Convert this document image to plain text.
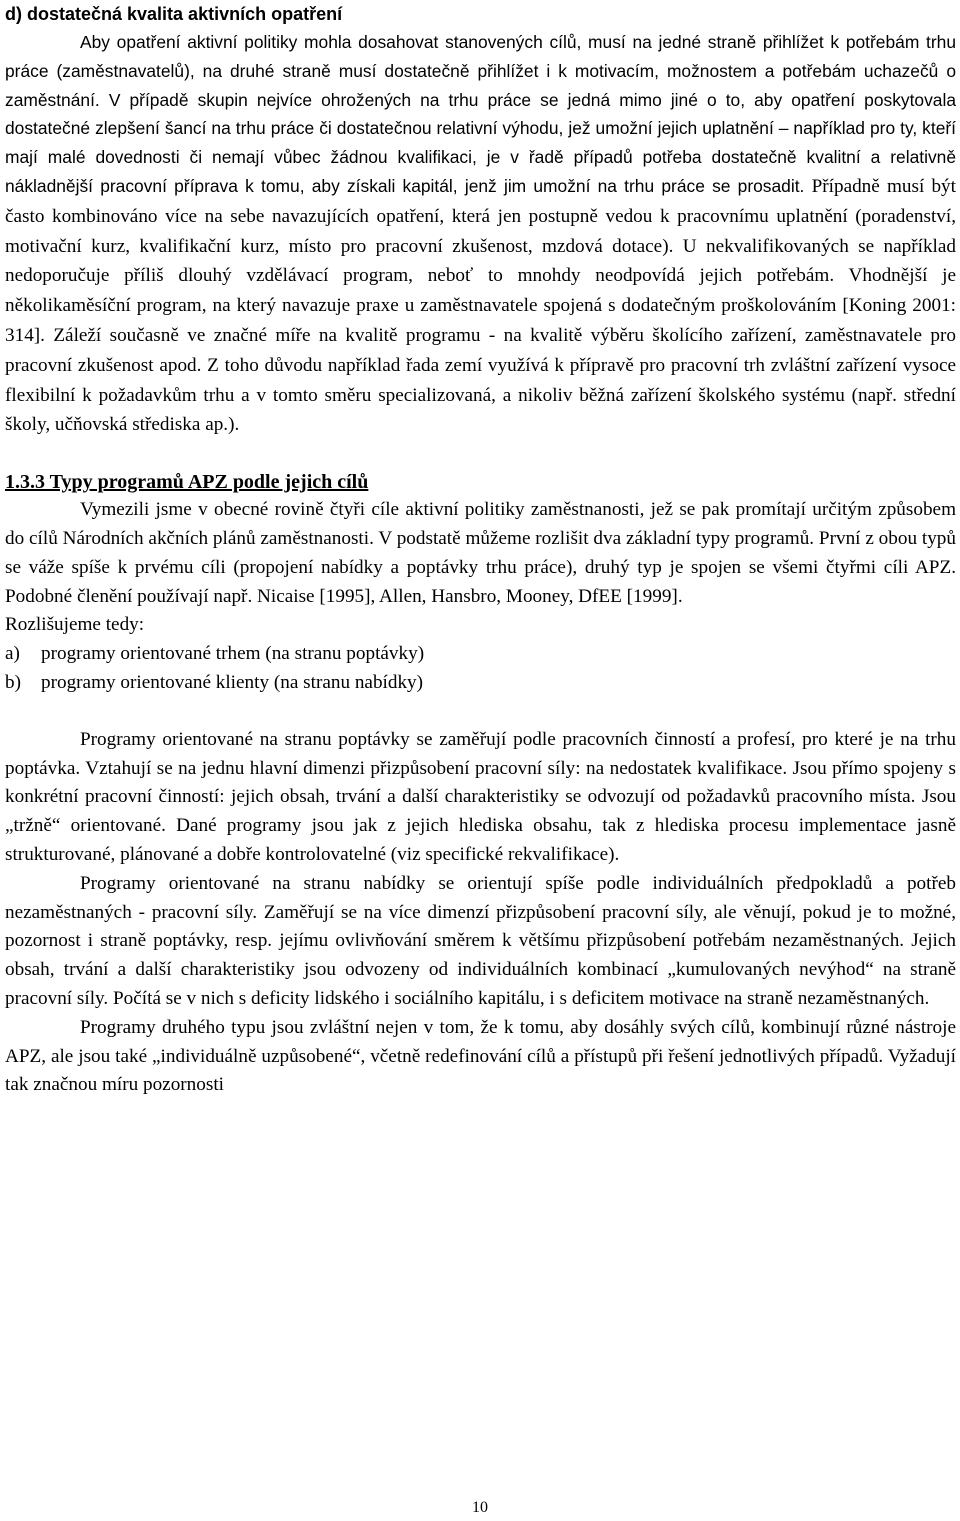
d) dostatečná kvalita aktivních opatření

Aby opatření aktivní politiky mohla dosahovat stanovených cílů, musí na jedné straně přihlížet k potřebám trhu práce (zaměstnavatelů), na druhé straně musí dostatečně přihlížet i k motivacím, možnostem a potřebám uchazečů o zaměstnání. V případě skupin nejvíce ohrožených na trhu práce se jedná mimo jiné o to, aby opatření poskytovala dostatečné zlepšení šancí na trhu práce či dostatečnou relativní výhodu, jež umožní jejich uplatnění – například pro ty, kteří mají malé dovednosti či nemají vůbec žádnou kvalifikaci, je v řadě případů potřeba dostatečně kvalitní a relativně nákladnější pracovní příprava k tomu, aby získali kapitál, jenž jim umožní na trhu práce se prosadit. Případně musí být často kombinováno více na sebe navazujících opatření, která jen postupně vedou k pracovnímu uplatnění (poradenství, motivační kurz, kvalifikační kurz, místo pro pracovní zkušenost, mzdová dotace). U nekvalifikovaných se například nedoporučuje příliš dlouhý vzdělávací program, neboť to mnohdy neodpovídá jejich potřebám. Vhodnější je několikaměsíční program, na který navazuje praxe u zaměstnavatele spojená s dodatečným proškolováním [Koning 2001: 314]. Záleží současně ve značné míře na kvalitě programu - na kvalitě výběru školícího zařízení, zaměstnavatele pro pracovní zkušenost apod. Z toho důvodu například řada zemí využívá k přípravě pro pracovní trh zvláštní zařízení vysoce flexibilní k požadavkům trhu a v tomto směru specializovaná, a nikoliv běžná zařízení školského systému (např. střední školy, učňovská střediska ap.).

1.3.3 Typy programů APZ podle jejich cílů

Vymezili jsme v obecné rovině čtyři cíle aktivní politiky zaměstnanosti, jež se pak promítají určitým způsobem do cílů Národních akčních plánů zaměstnanosti. V podstatě můžeme rozlišit dva základní typy programů. První z obou typů se váže spíše k prvému cíli (propojení nabídky a poptávky trhu práce), druhý typ je spojen se všemi čtyřmi cíli APZ. Podobné členění používají např. Nicaise [1995], Allen, Hansbro, Mooney, DfEE [1999].

Rozlišujeme tedy:

a)	programy orientované trhem (na stranu poptávky)
b)	programy orientované klienty (na stranu nabídky)

Programy orientované na stranu poptávky se zaměřují podle pracovních činností a profesí, pro které je na trhu poptávka. Vztahují se na jednu hlavní dimenzi přizpůsobení pracovní síly: na nedostatek kvalifikace. Jsou přímo spojeny s konkrétní pracovní činností: jejich obsah, trvání a další charakteristiky se odvozují od požadavků pracovního místa. Jsou „tržně“ orientované. Dané programy jsou jak z jejich hlediska obsahu, tak z hlediska procesu implementace jasně strukturované, plánované a dobře kontrolovatelné (viz specifické rekvalifikace).

Programy orientované na stranu nabídky se orientují spíše podle individuálních předpokladů a potřeb nezaměstnaných - pracovní síly. Zaměřují se na více dimenzí přizpůsobení pracovní síly, ale věnují, pokud je to možné, pozornost i straně poptávky, resp. jejímu ovlivňování směrem k většímu přizpůsobení potřebám nezaměstnaných. Jejich obsah, trvání a další charakteristiky jsou odvozeny od individuálních kombinací „kumulovaných nevýhod“ na straně pracovní síly. Počítá se v nich s deficity lidského i sociálního kapitálu, i s deficitem motivace na straně nezaměstnaných.

Programy druhého typu jsou zvláštní nejen v tom, že k tomu, aby dosáhly svých cílů, kombinují různé nástroje APZ, ale jsou také „individuálně uzpůsobené“, včetně redefinování cílů a přístupů při řešení jednotlivých případů. Vyžadují tak značnou míru pozornosti

10
